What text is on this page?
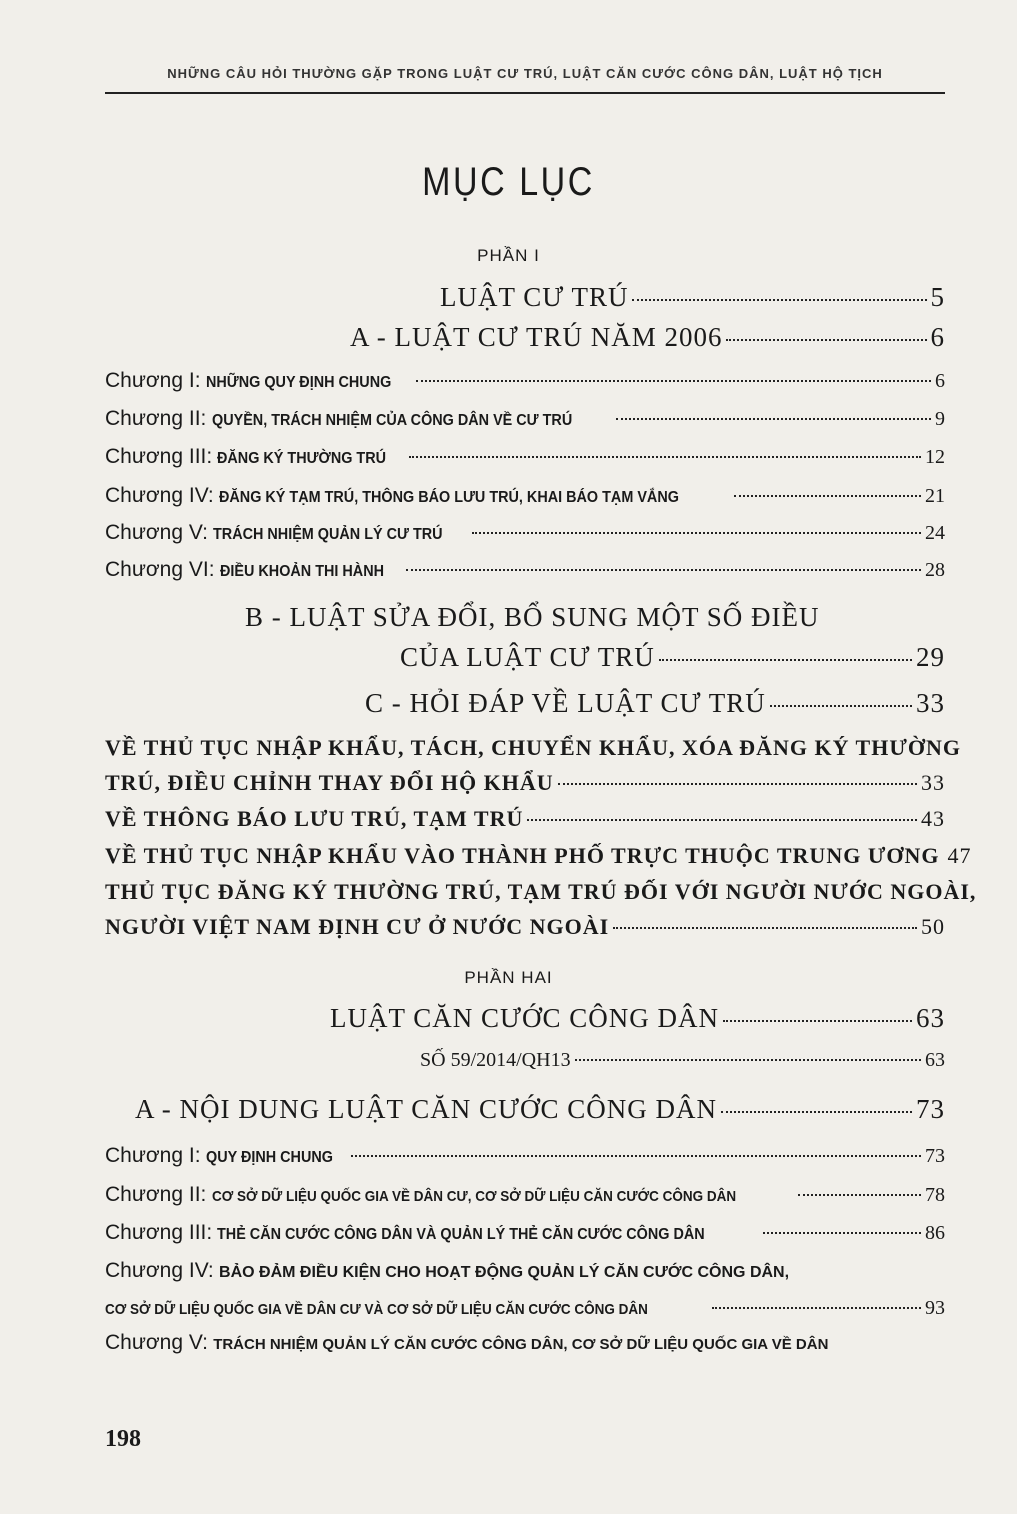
NHỮNG CÂU HỎI THƯỜNG GẶP TRONG LUẬT CƯ TRÚ, LUẬT CĂN CƯỚC CÔNG DÂN, LUẬT HỘ TỊCH
MỤC LỤC
PHẦN I
LUẬT CƯ TRÚ	5
A - LUẬT CƯ TRÚ NĂM 2006	6
Chương I: NHỮNG QUY ĐỊNH CHUNG	6
Chương II: QUYỀN, TRÁCH NHIỆM CỦA CÔNG DÂN VỀ CƯ TRÚ	9
Chương III: ĐĂNG KÝ THƯỜNG TRÚ	12
Chương IV: ĐĂNG KÝ TẠM TRÚ, THÔNG BÁO LƯU TRÚ, KHAI BÁO TẠM VẮNG	21
Chương V: TRÁCH NHIỆM QUẢN LÝ CƯ TRÚ	24
Chương VI: ĐIỀU KHOẢN THI HÀNH	28
B - LUẬT SỬA ĐỔI, BỔ SUNG MỘT SỐ ĐIỀU
CỦA LUẬT CƯ TRÚ	29
C - HỎI ĐÁP VỀ LUẬT CƯ TRÚ	33
VỀ THỦ TỤC NHẬP KHẨU, TÁCH, CHUYỂN KHẨU, XÓA ĐĂNG KÝ THƯỜNG
TRÚ, ĐIỀU CHỈNH THAY ĐỔI HỘ KHẨU	33
VỀ THÔNG BÁO LƯU TRÚ, TẠM TRÚ	43
VỀ THỦ TỤC NHẬP KHẨU VÀO THÀNH PHỐ TRỰC THUỘC TRUNG ƯƠNG 47
THỦ TỤC ĐĂNG KÝ THƯỜNG TRÚ, TẠM TRÚ ĐỐI VỚI NGƯỜI NƯỚC NGOÀI,
NGƯỜI VIỆT NAM ĐỊNH CƯ Ở NƯỚC NGOÀI	50
PHẦN HAI
LUẬT CĂN CƯỚC CÔNG DÂN	63
SỐ 59/2014/QH13	63
A - NỘI DUNG LUẬT CĂN CƯỚC CÔNG DÂN	73
Chương I: QUY ĐỊNH CHUNG	73
Chương II: CƠ SỞ DỮ LIỆU QUỐC GIA VỀ DÂN CƯ, CƠ SỞ DỮ LIỆU CĂN CƯỚC CÔNG DÂN	78
Chương III: THẺ CĂN CƯỚC CÔNG DÂN VÀ QUẢN LÝ THẺ CĂN CƯỚC CÔNG DÂN	86
Chương IV: BẢO ĐẢM ĐIỀU KIỆN CHO HOẠT ĐỘNG QUẢN LÝ CĂN CƯỚC CÔNG DÂN,
CƠ SỞ DỮ LIỆU QUỐC GIA VỀ DÂN CƯ VÀ CƠ SỞ DỮ LIỆU CĂN CƯỚC CÔNG DÂN	93
Chương V: TRÁCH NHIỆM QUẢN LÝ CĂN CƯỚC CÔNG DÂN, CƠ SỞ DỮ LIỆU QUỐC GIA VỀ DÂN
198
